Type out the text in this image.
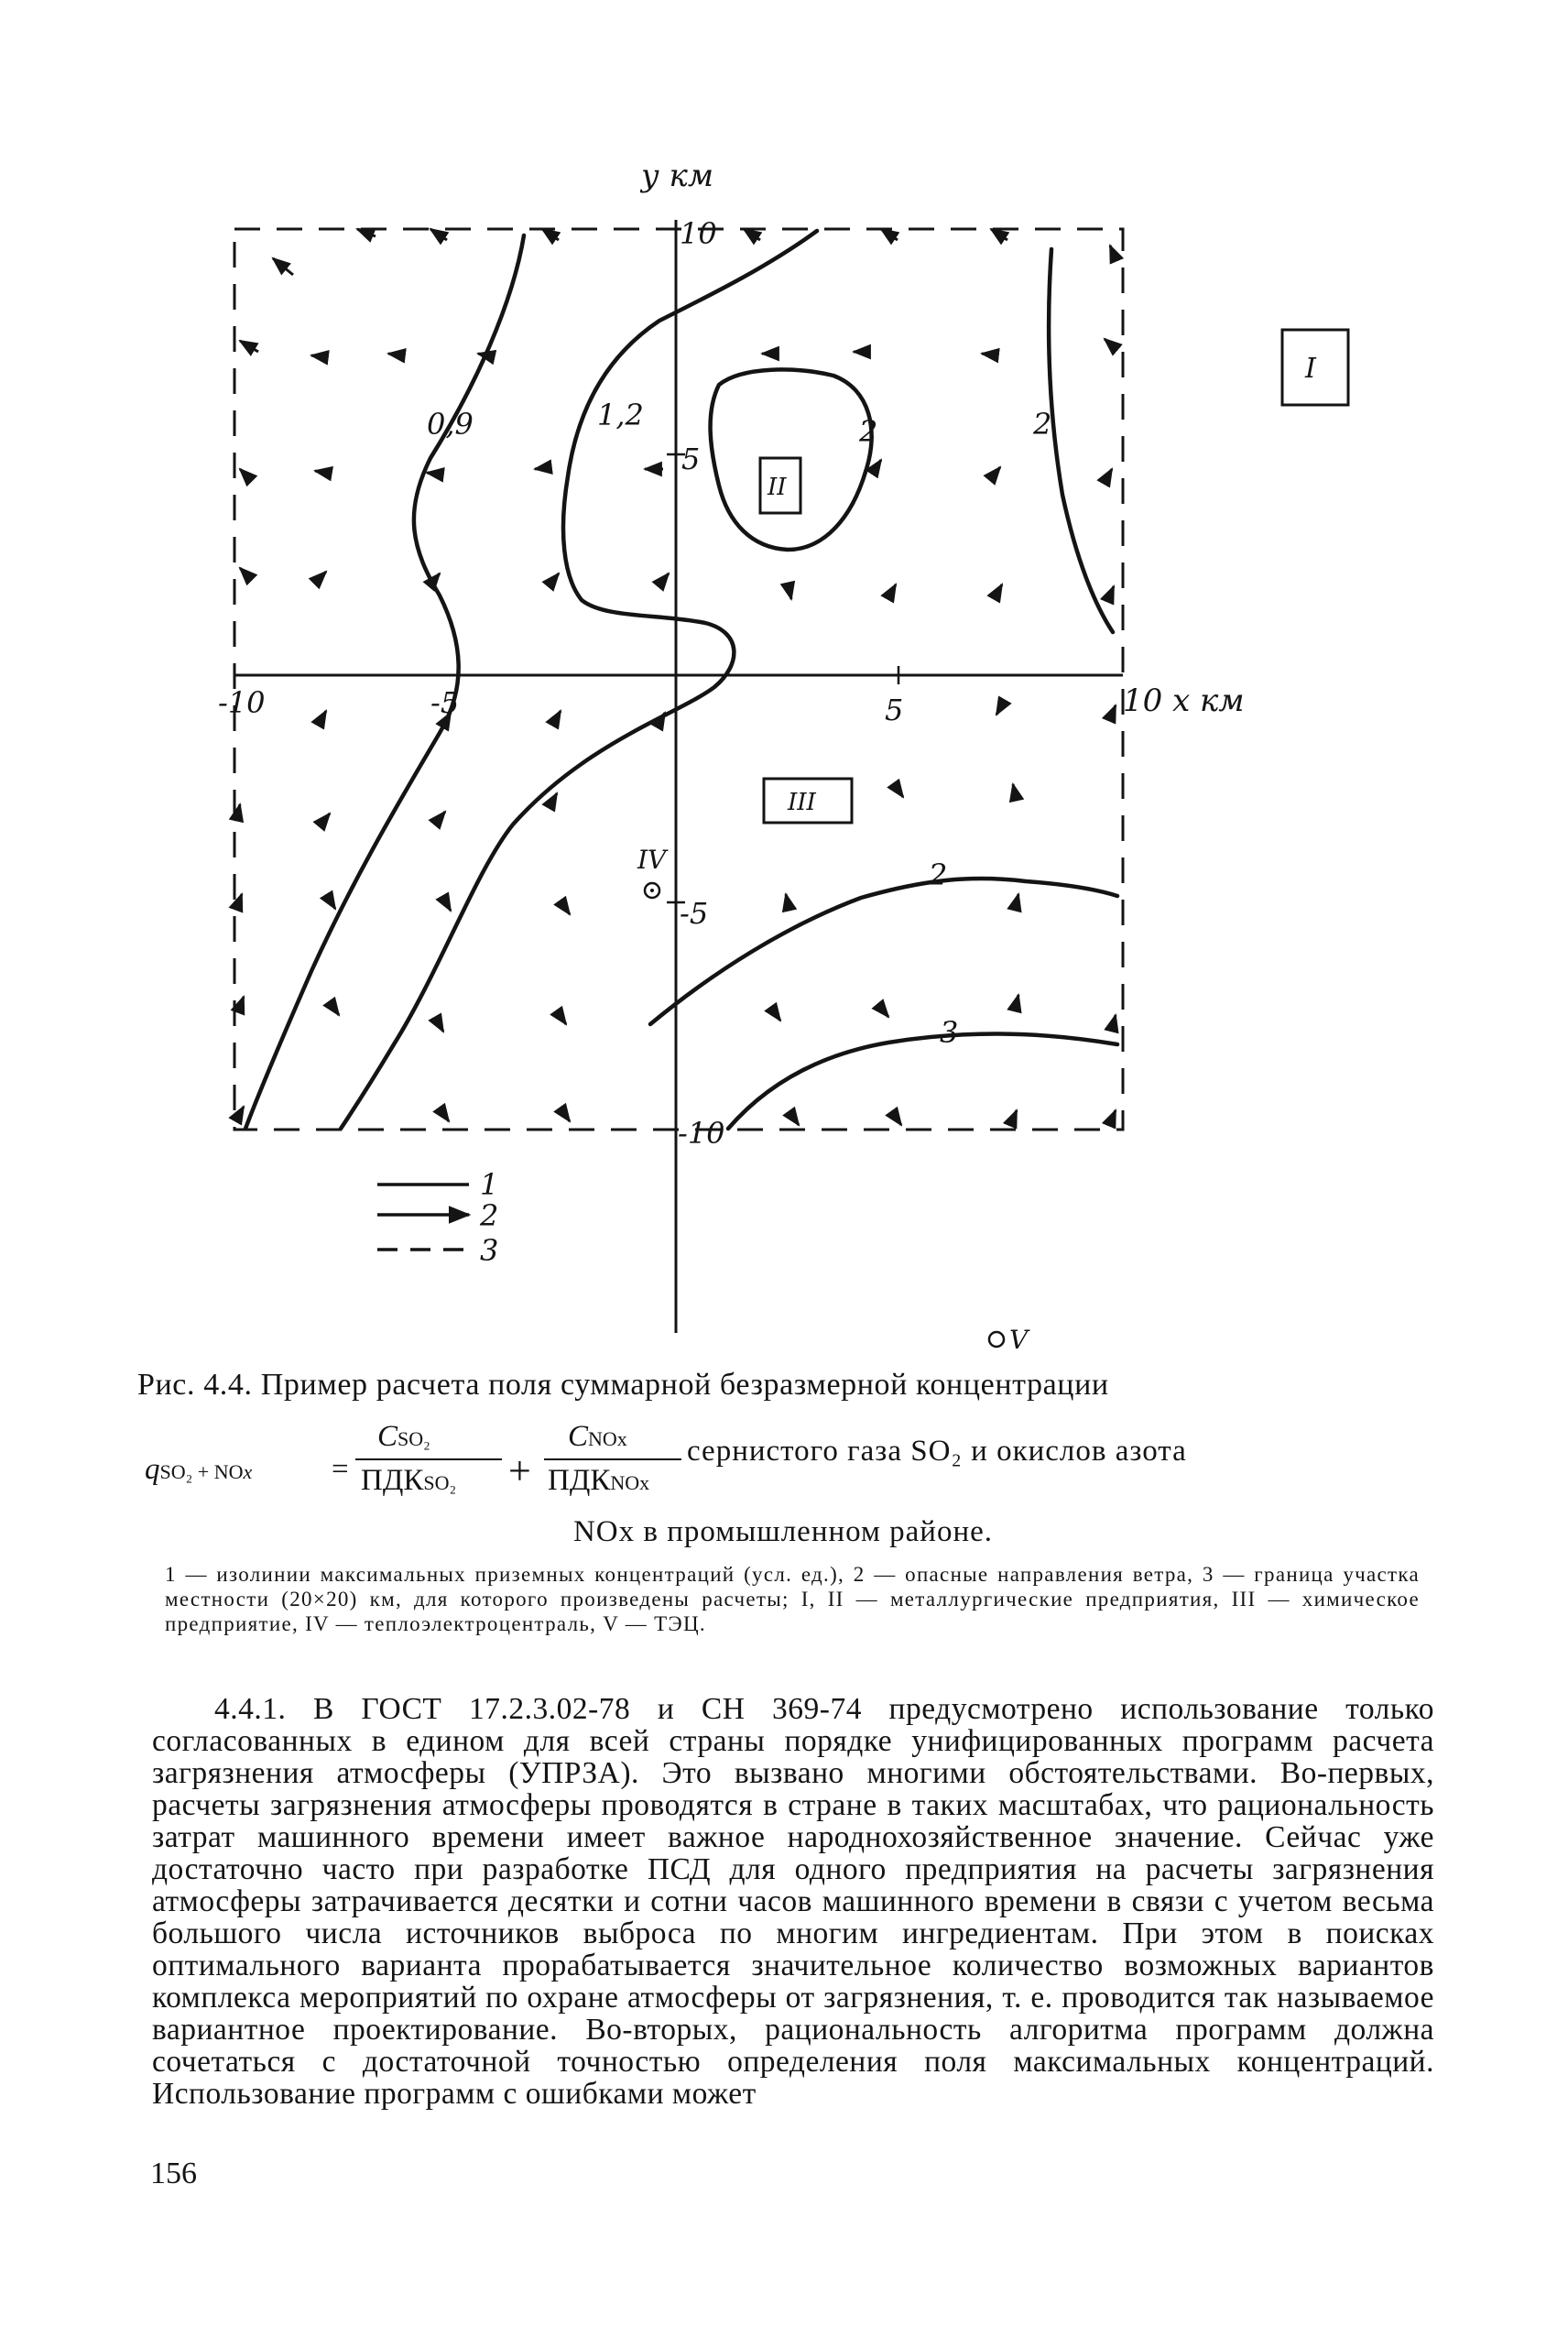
у км
10 х км
-10	-5	5
10
5
-5
-10
0,9	1,2	2	2
2
3
I
II
III
IV
V
1
2
3
Рис. 4.4. Пример расчета поля суммарной безразмерной концентрации
qSO₂ + NOx	=
CSO₂
ПДКSO₂ +
CNOx
ПДКNOx
сернистого газа SO₂ и окислов азота
NOx в промышленном районе.

1 — изолинии максимальных приземных концентраций (усл. ед.), 2 — опасные направления ветра, 3 — граница участка местности (20×20) км, для которого произведены расчеты; I, II — металлургические предприятия, III — химическое предприятие, IV — теплоэлектроцентраль, V — ТЭЦ.

4.4.1. В ГОСТ 17.2.3.02-78 и СН 369-74 предусмотрено использование только согласованных в едином для всей страны порядке унифицированных программ расчета загрязнения атмосферы (УПРЗА). Это вызвано многими обстоятельствами. Во-первых, расчеты загрязнения атмосферы проводятся в стране в таких масштабах, что рациональность затрат машинного времени имеет важное народнохозяйственное значение. Сейчас уже достаточно часто при разработке ПСД для одного предприятия на расчеты загрязнения атмосферы затрачивается десятки и сотни часов машинного времени в связи с учетом весьма большого числа источников выброса по многим ингредиентам. При этом в поисках оптимального варианта прорабатывается значительное количество возможных вариантов комплекса мероприятий по охране атмосферы от загрязнения, т. е. проводится так называемое вариантное проектирование. Во-вторых, рациональность алгоритма программ должна сочетаться с достаточной точностью определения поля максимальных концентраций. Использование программ с ошибками может

156
